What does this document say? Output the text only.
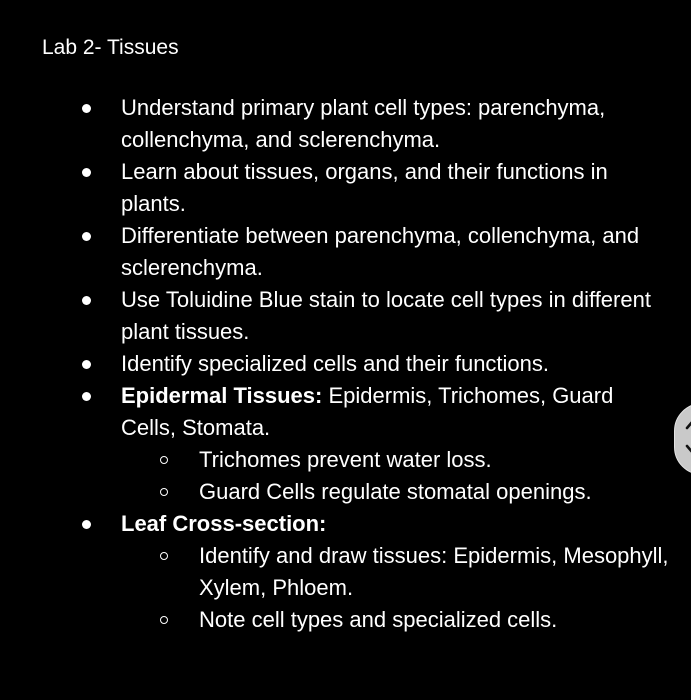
Lab 2- Tissues
Understand primary plant cell types: parenchyma, collenchyma, and sclerenchyma.
Learn about tissues, organs, and their functions in plants.
Differentiate between parenchyma, collenchyma, and sclerenchyma.
Use Toluidine Blue stain to locate cell types in different plant tissues.
Identify specialized cells and their functions.
Epidermal Tissues: Epidermis, Trichomes, Guard Cells, Stomata.
Trichomes prevent water loss.
Guard Cells regulate stomatal openings.
Leaf Cross-section:
Identify and draw tissues: Epidermis, Mesophyll, Xylem, Phloem.
Note cell types and specialized cells.
